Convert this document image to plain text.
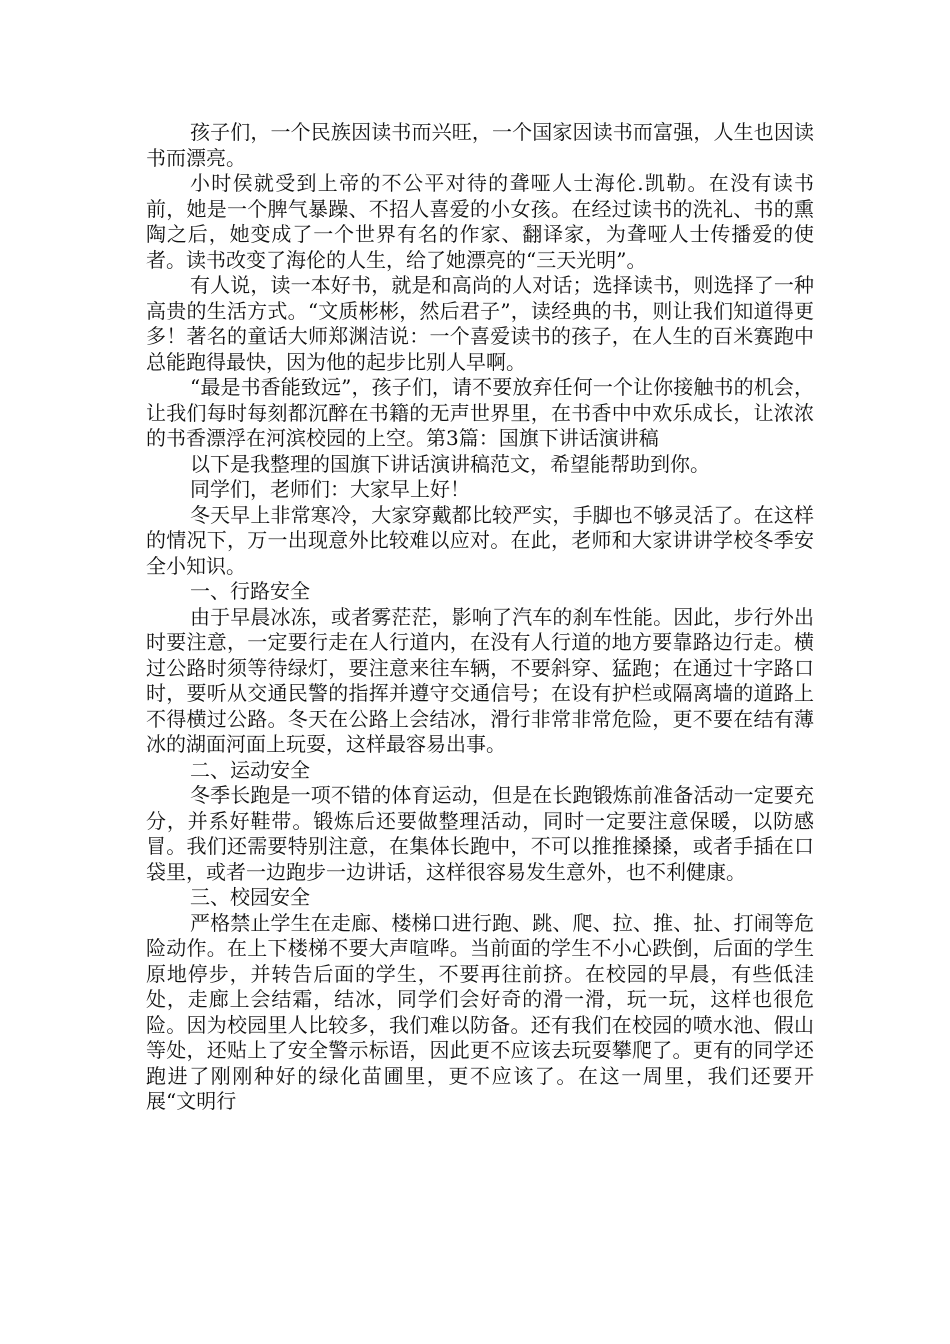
孩子们，一个民族因读书而兴旺，一个国家因读书而富强，人生也因读书而漂亮。

小时侯就受到上帝的不公平对待的聋哑人士海伦.凯勒。在没有读书前，她是一个脾气暴躁、不招人喜爱的小女孩。在经过读书的洗礼、书的熏陶之后，她变成了一个世界有名的作家、翻译家，为聋哑人士传播爱的使者。读书改变了海伦的人生，给了她漂亮的“三天光明”。

有人说，读一本好书，就是和高尚的人对话；选择读书，则选择了一种高贵的生活方式。“文质彬彬，然后君子”，读经典的书，则让我们知道得更多！著名的童话大师郑渊洁说：一个喜爱读书的孩子，在人生的百米赛跑中总能跑得最快，因为他的起步比别人早啊。

“最是书香能致远”，孩子们，请不要放弃任何一个让你接触书的机会，让我们每时每刻都沉醉在书籍的无声世界里，在书香中中欢乐成长，让浓浓的书香漂浮在河滨校园的上空。第3篇：国旗下讲话演讲稿

以下是我整理的国旗下讲话演讲稿范文，希望能帮助到你。

同学们，老师们：大家早上好！

冬天早上非常寒冷，大家穿戴都比较严实，手脚也不够灵活了。在这样的情况下，万一出现意外比较难以应对。在此，老师和大家讲讲学校冬季安全小知识。

一、行路安全

由于早晨冰冻，或者雾茫茫，影响了汽车的刹车性能。因此，步行外出时要注意，一定要行走在人行道内，在没有人行道的地方要靠路边行走。横过公路时须等待绿灯，要注意来往车辆，不要斜穿、猛跑；在通过十字路口时，要听从交通民警的指挥并遵守交通信号；在设有护栏或隔离墙的道路上不得横过公路。冬天在公路上会结冰，滑行非常非常危险，更不要在结有薄冰的湖面河面上玩耍，这样最容易出事。

二、运动安全

冬季长跑是一项不错的体育运动，但是在长跑锻炼前准备活动一定要充分，并系好鞋带。锻炼后还要做整理活动，同时一定要注意保暖，以防感冒。我们还需要特别注意，在集体长跑中，不可以推推搡搡，或者手插在口袋里，或者一边跑步一边讲话，这样很容易发生意外，也不利健康。

三、校园安全

严格禁止学生在走廊、楼梯口进行跑、跳、爬、拉、推、扯、打闹等危险动作。在上下楼梯不要大声喧哗。当前面的学生不小心跌倒，后面的学生原地停步，并转告后面的学生，不要再往前挤。在校园的早晨，有些低洼处，走廊上会结霜，结冰，同学们会好奇的滑一滑，玩一玩，这样也很危险。因为校园里人比较多，我们难以防备。还有我们在校园的喷水池、假山等处，还贴上了安全警示标语，因此更不应该去玩耍攀爬了。更有的同学还跑进了刚刚种好的绿化苗圃里，更不应该了。在这一周里，我们还要开展“文明行
